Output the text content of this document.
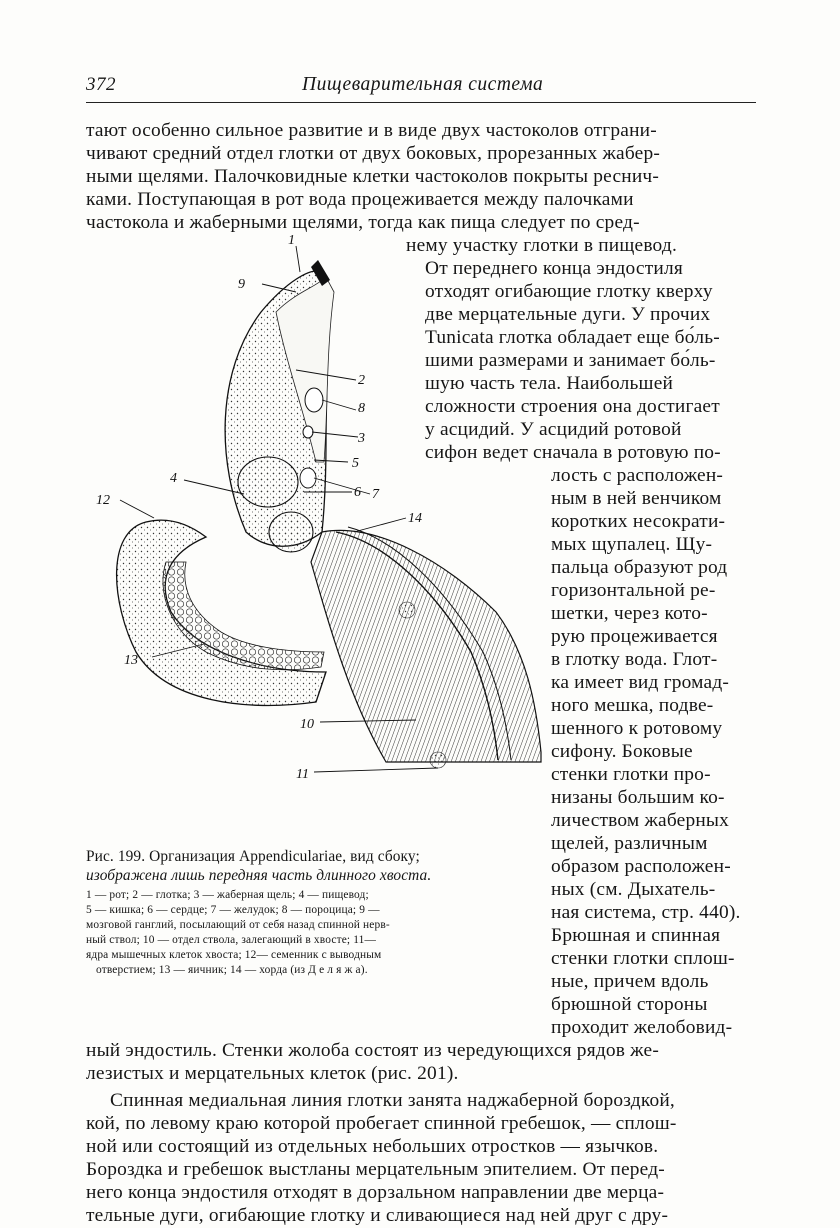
372	Пищеварительная система
тают особенно сильное развитие и в виде двух частоколов отграни-
чивают средний отдел глотки от двух боковых, прорезанных жабер-
ными щелями. Палочковидные клетки частоколов покрыты реснич-
ками. Поступающая в рот вода процеживается между палочками
частокола и жаберными щелями, тогда как пища следует по сред-
нему участку глотки в пищевод.
От переднего конца эндостиля
отходят огибающие глотку кверху
две мерцательные дуги. У прочих
Tunicata глотка обладает еще бо́ль-
шими размерами и занимает бо́ль-
шую часть тела. Наибольшей
сложности строения она достигает
у асцидий. У асцидий ротовой
сифон ведет сначала в ротовую по-
лость с расположен-
ным в ней венчиком
коротких несократи-
мых щупалец. Щу-
пальца образуют род
горизонтальной ре-
шетки, через кото-
рую процеживается
в глотку вода. Глот-
ка имеет вид громад-
ного мешка, подве-
шенного к ротовому
сифону. Боковые
стенки глотки про-
низаны большим ко-
личеством жаберных
щелей, различным
образом расположен-
ных (см. Дыхатель-
ная система, стр. 440).
Брюшная и спинная
стенки глотки сплош-
ные, причем вдоль
брюшной стороны
проходит желобовид-
ный эндостиль. Стенки жолоба состоят из чередующихся рядов же-
лезистых и мерцательных клеток (рис. 201).
Спинная медиальная линия глотки занята наджаберной бороздкой,
кой, по левому краю которой пробегает спинной гребешок, — сплош-
ной или состоящий из отдельных небольших отростков — язычков.
Бороздка и гребешок выстланы мерцательным эпителием. От перед-
него конца эндостиля отходят в дорзальном направлении две мерца-
тельные дуги, огибающие глотку и сливающиеся над ней друг с дру-
Рис. 199. Организация Appendiculariae, вид сбоку;
изображена лишь передняя часть длинного хвоста.
1 — рот; 2 — глотка; 3 — жаберная щель; 4 — пищевод;
5 — кишка; 6 — сердце; 7 — желудок; 8 — пороцица; 9 —
мозговой ганглий, посылающий от себя назад спинной нерв-
ный ствол; 10 — отдел ствола, залегающий в хвосте; 11—
ядра мышечных клеток хвоста; 12— семенник с выводным
отверстием; 13 — яичник; 14 — хорда (из Д е л я ж а).
1
2
3
4
5
6 7
8
9
10
11
12
13
14
